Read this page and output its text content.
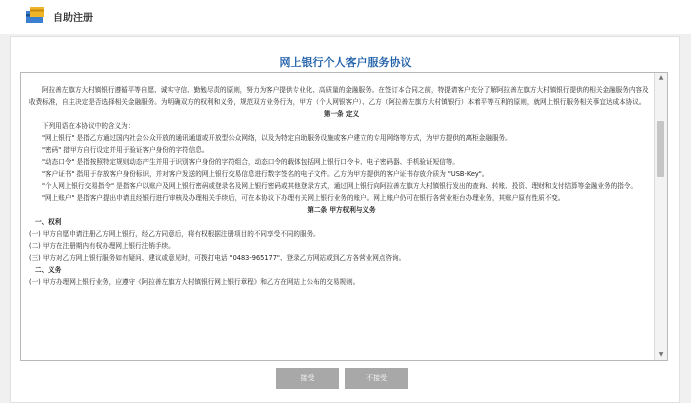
自助注册
网上银行个人客户服务协议

阿拉善左旗方大村镇银行遵循平等自愿、诚实守信、勤勉尽责的原则，努力为客户提供专业化、高质量的金融服务。在签订本合同之前，特提请客户充分了解阿拉善左旗方大村镇银行提供的相关金融服务内容及收费标准，自主决定是否选择相关金融服务。为明确双方的权利和义务，规范双方业务行为，甲方（个人网银客户）、乙方（阿拉善左旗方大村镇银行）本着平等互利的原则，就网上银行服务相关事宜达成本协议。

第一条 定义

下列用语在本协议中的含义为：

"网上银行" 是指乙方通过国内社会公众开放的通讯通道或开放型公众网络，以及为特定自助服务设施或客户建立的专用网络等方式，为甲方提供的离柜金融服务。

"密码" 措甲方自行设定并用于验证客户身份的字符信息。

"动态口令" 是指按照特定规则动态产生并用于识别客户身份的字符组合，动态口令的载体包括网上银行口令卡、电子密码器、手机验证短信等。

"客户证书" 指用于存放客户身份标识，并对客户发送的网上银行交易信息进行数字签名的电子文件。乙方为甲方提供的客户证书存放介质为 "USB-Key"。

"个人网上银行交易指令" 是指客户以账户及网上银行密码或登录名及网上银行密码或其他登录方式，通过网上银行向阿拉善左旗方大村镇银行发出的查询、转账、投资、理财和支付结算等金融业务的指令。

"网上账户" 是指客户提出申请且经银行进行审核及办理相关手续后，可在本协议下办理有关网上银行业务的账户。网上账户仍可在银行各营业柜台办理业务，其账户原有性质不变。

第二条 甲方权利与义务

一、权利

(一) 甲方自愿申请注册乙方网上银行，经乙方同意后，将有权根据注册项目的不同享受不同的服务。

(二) 甲方在注册期内有权办理网上银行注销手续。

(三) 甲方对乙方网上银行服务如有疑问、建议或意见时，可拨打电话 "0483-965177"、登录乙方网站或到乙方各营业网点咨询。

二、义务

(一) 甲方办理网上银行业务，应遵守《阿拉善左旗方大村镇银行网上银行章程》和乙方在网站上公布的交易规则。

▲
▼
接受	不接受
